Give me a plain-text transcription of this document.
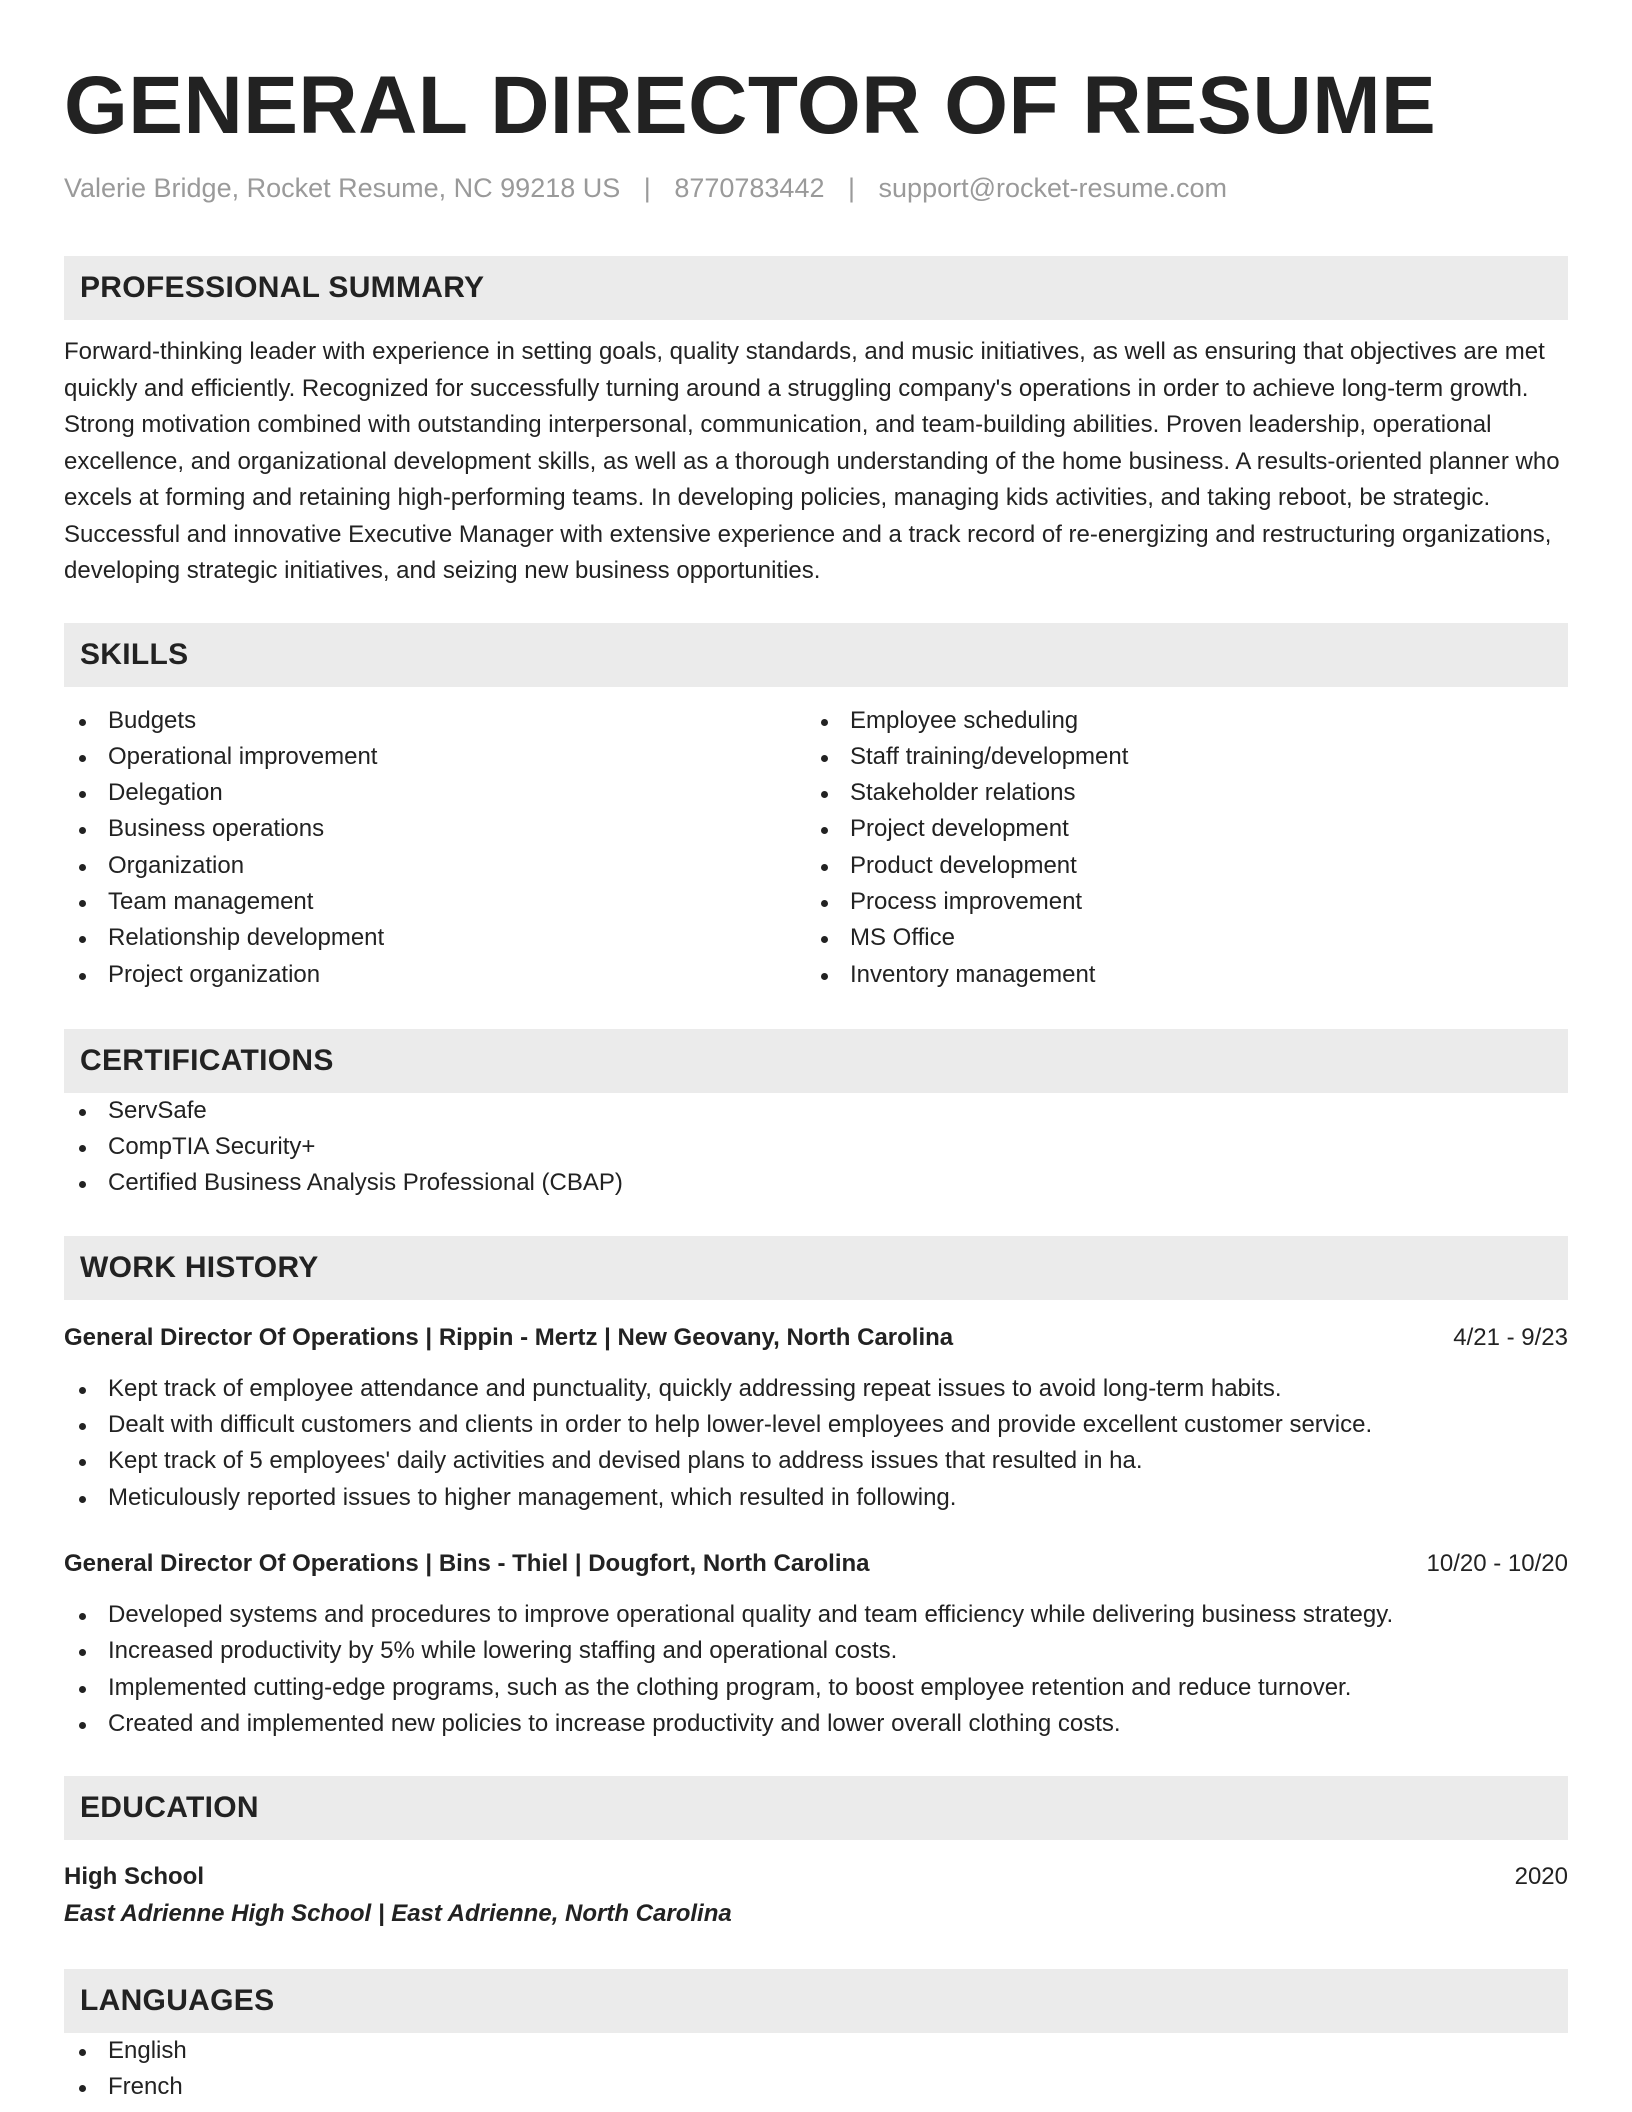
GENERAL DIRECTOR OF RESUME
Valerie Bridge, Rocket Resume, NC 99218 US | 8770783442 | support@rocket-resume.com
PROFESSIONAL SUMMARY

Forward-thinking leader with experience in setting goals, quality standards, and music initiatives, as well as ensuring that objectives are met quickly and efficiently. Recognized for successfully turning around a struggling company's operations in order to achieve long-term growth. Strong motivation combined with outstanding interpersonal, communication, and team-building abilities. Proven leadership, operational excellence, and organizational development skills, as well as a thorough understanding of the home business. A results-oriented planner who excels at forming and retaining high-performing teams. In developing policies, managing kids activities, and taking reboot, be strategic. Successful and innovative Executive Manager with extensive experience and a track record of re-energizing and restructuring organizations, developing strategic initiatives, and seizing new business opportunities.

SKILLS
Budgets
Operational improvement
Delegation
Business operations
Organization
Team management
Relationship development
Project organization
Employee scheduling
Staff training/development
Stakeholder relations
Project development
Product development
Process improvement
MS Office
Inventory management
CERTIFICATIONS
ServSafe
CompTIA Security+
Certified Business Analysis Professional (CBAP)
WORK HISTORY
General Director Of Operations | Rippin - Mertz | New Geovany, North Carolina	4/21 - 9/23
Kept track of employee attendance and punctuality, quickly addressing repeat issues to avoid long-term habits.
Dealt with difficult customers and clients in order to help lower-level employees and provide excellent customer service.
Kept track of 5 employees' daily activities and devised plans to address issues that resulted in ha.
Meticulously reported issues to higher management, which resulted in following.
General Director Of Operations | Bins - Thiel | Dougfort, North Carolina	10/20 - 10/20
Developed systems and procedures to improve operational quality and team efficiency while delivering business strategy.
Increased productivity by 5% while lowering staffing and operational costs.
Implemented cutting-edge programs, such as the clothing program, to boost employee retention and reduce turnover.
Created and implemented new policies to increase productivity and lower overall clothing costs.
EDUCATION
High School	2020
East Adrienne High School | East Adrienne, North Carolina
LANGUAGES
English
French
